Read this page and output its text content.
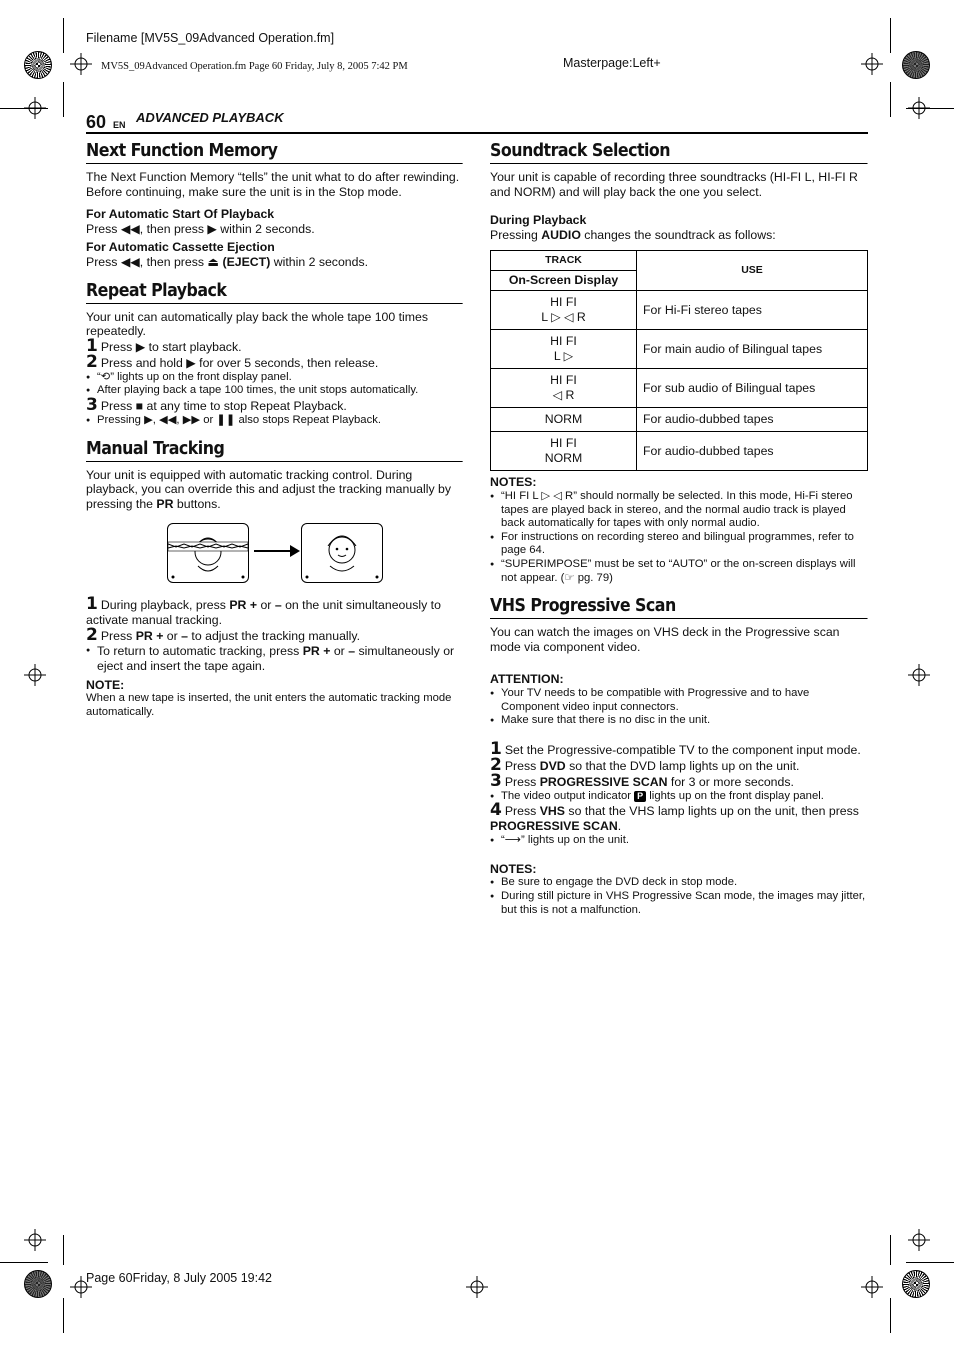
Filename [MV5S_09Advanced Operation.fm]
MV5S_09Advanced Operation.fm Page 60 Friday, July 8, 2005 7:42 PM	Masterpage:Left+
Page 60Friday, 8 July 2005 19:42
60 EN ADVANCED PLAYBACK
Next Function Memory

The Next Function Memory “tells” the unit what to do after rewinding. Before continuing, make sure the unit is in the Stop mode.

For Automatic Start Of Playback

Press ◀◀, then press ▶ within 2 seconds.

For Automatic Cassette Ejection

Press ◀◀, then press ⏏ (EJECT) within 2 seconds.

Repeat Playback

Your unit can automatically play back the whole tape 100 times repeatedly.

1 Press ▶ to start playback.
2 Press and hold ▶ for over 5 seconds, then release.
● “⟲” lights up on the front display panel.
● After playing back a tape 100 times, the unit stops automatically.
3 Press ■ at any time to stop Repeat Playback.
● Pressing ▶, ◀◀, ▶▶ or ❚❚ also stops Repeat Playback.
Manual Tracking

Your unit is equipped with automatic tracking control. During playback, you can override this and adjust the tracking manually by pressing the PR buttons.

1 During playback, press PR + or – on the unit simultaneously to activate manual tracking.
2 Press PR + or – to adjust the tracking manually.
● To return to automatic tracking, press PR + or – simultaneously or eject and insert the tape again.

NOTE:

When a new tape is inserted, the unit enters the automatic tracking mode automatically.

Soundtrack Selection

Your unit is capable of recording three soundtracks (HI-FI L, HI-FI R and NORM) and will play back the one you select.

During Playback

Pressing AUDIO changes the soundtrack as follows:

TRACK	USE
On-Screen Display	

HI FI
L ▷ ◁ R	For Hi-Fi stereo tapes

HI FI
L ▷	For main audio of Bilingual tapes

HI FI
◁ R	For sub audio of Bilingual tapes

NORM	For audio-dubbed tapes

HI FI
NORM	For audio-dubbed tapes

NOTES:

● “HI FI L ▷ ◁ R” should normally be selected. In this mode, Hi-Fi stereo tapes are played back in stereo, and the normal audio track is played back automatically for tapes with only normal audio.
● For instructions on recording stereo and bilingual programmes, refer to page 64.
● “SUPERIMPOSE” must be set to “AUTO” or the on-screen displays will not appear. (☞ pg. 79)
VHS Progressive Scan

You can watch the images on VHS deck in the Progressive scan mode via component video.

ATTENTION:

● Your TV needs to be compatible with Progressive and to have Component video input connectors.
● Make sure that there is no disc in the unit.
1 Set the Progressive-compatible TV to the component input mode.
2 Press DVD so that the DVD lamp lights up on the unit.
3 Press PROGRESSIVE SCAN for 3 or more seconds.
● The video output indicator P lights up on the front display panel.
4 Press VHS so that the VHS lamp lights up on the unit, then press PROGRESSIVE SCAN.
● “⟶” lights up on the unit.

NOTES:

● Be sure to engage the DVD deck in stop mode.
● During still picture in VHS Progressive Scan mode, the images may jitter, but this is not a malfunction.
